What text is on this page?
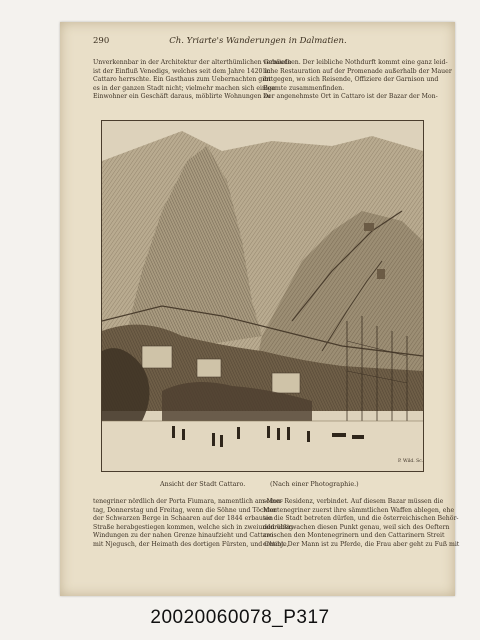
290	Ch. Yriarte's Wanderungen in Dalmatien.
Unverkennbar in der Architektur der alterthümlichen Gebäude
ist der Einfluß Venedigs, welches seit dem Jahre 1420 in
Cattaro herrschte. Ein Gasthaus zum Uebernachten gibt
es in der ganzen Stadt nicht; vielmehr machen sich einige
Einwohner ein Geschäft daraus, möblirte Wohnungen zu
vermiethen. Der leibliche Nothdurft kommt eine ganz leid-
liche Restauration auf der Promenade außerhalb der Mauer
entgegen, wo sich Reisende, Offiziere der Garnison und
Beamte zusammenfinden.
Der angenehmste Ort in Cattaro ist der Bazar der Mon-
P. Wild. Sc.
Ansicht der Stadt Cattaro.	(Nach einer Photographie.)
tenegriner nördlich der Porta Fiumara, namentlich am Mon-
tag, Donnerstag und Freitag, wenn die Söhne und Töchter
der Schwarzen Berge in Schaaren auf der 1844 erbauten
Straße herabgestiegen kommen, welche sich in zweiunddreißig
Windungen zu der nahen Grenze hinaufzieht und Cattaro
mit Njegusch, der Heimath des dortigen Fürsten, und Cetinje,
seiner Residenz, verbindet. Auf diesem Bazar müssen die
Montenegriner zuerst ihre sämmtlichen Waffen ablegen, ehe
sie die Stadt betreten dürfen, und die österreichischen Behör-
den überwachen diesen Punkt genau, weil sich des Oeftern
zwischen den Montenegrinern und den Cattarinern Streit
erhebt. Der Mann ist zu Pferde, die Frau aber geht zu Fuß mit
20020060078_P317
